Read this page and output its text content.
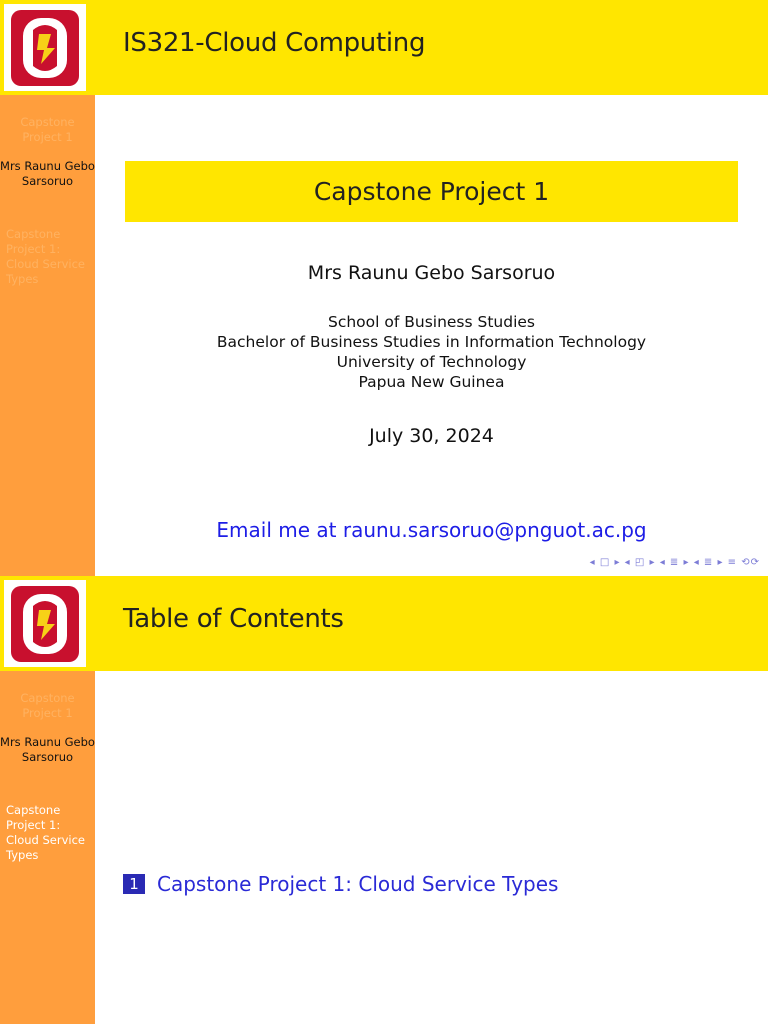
IS321-Cloud Computing
Capstone Project 1
Mrs Raunu Gebo Sarsoruo
Capstone Project 1: Cloud Service Types
Capstone Project 1
Mrs Raunu Gebo Sarsoruo
School of Business Studies
Bachelor of Business Studies in Information Technology
University of Technology
Papua New Guinea
July 30, 2024
Email me at raunu.sarsoruo@pnguot.ac.pg
◂ □ ▸ ◂ ◰ ▸ ◂ ≣ ▸ ◂ ≣ ▸ ≡ ⟲⟳
Table of Contents
Capstone Project 1
Mrs Raunu Gebo Sarsoruo
Capstone Project 1: Cloud Service Types
1 Capstone Project 1: Cloud Service Types
